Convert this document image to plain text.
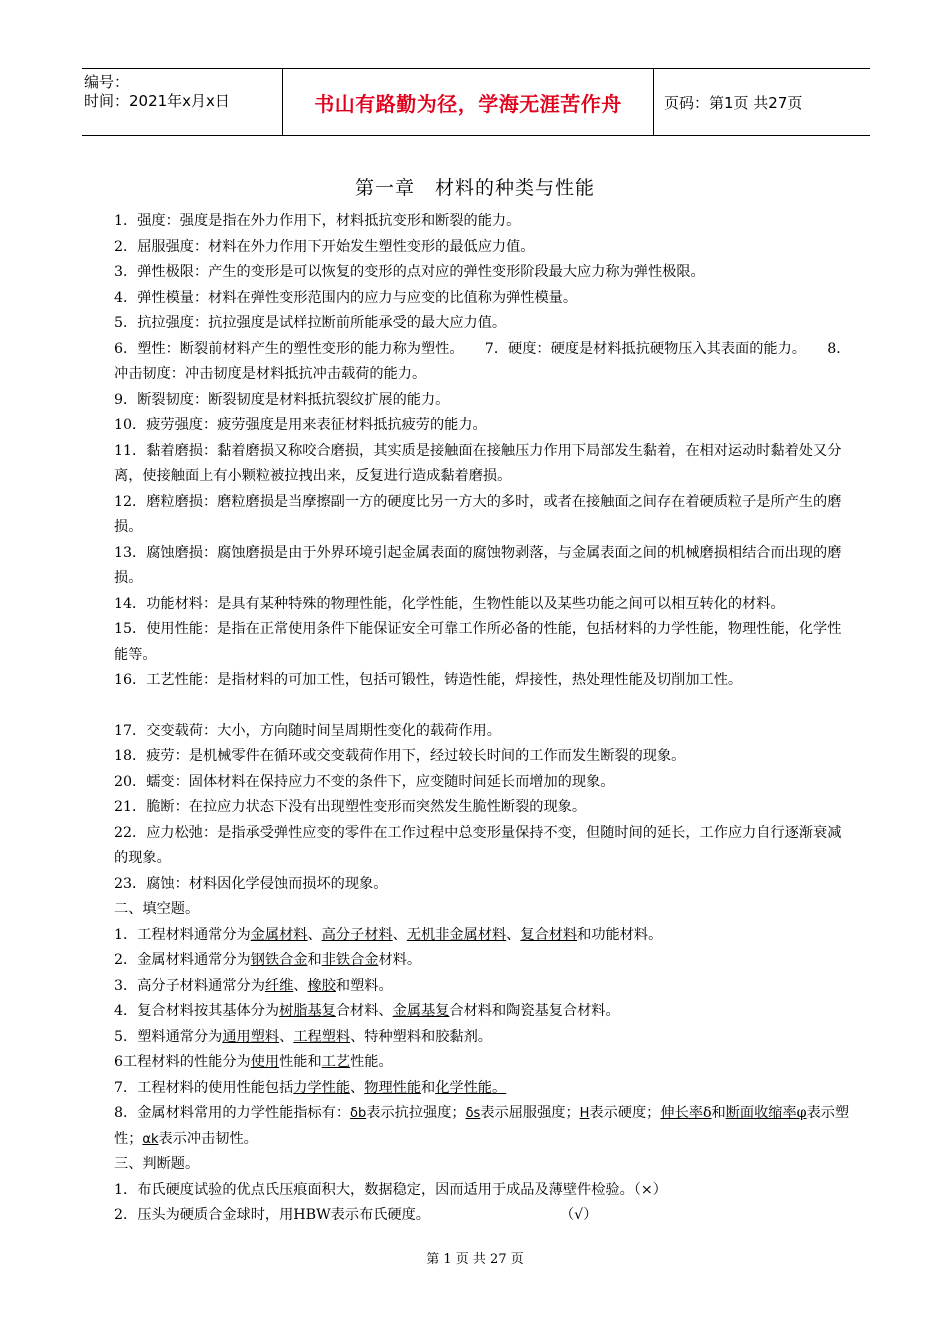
编号：
时间：2021年x月x日	书山有路勤为径，学海无涯苦作舟	页码：第1页 共27页
第一章　材料的种类与性能

1．强度：强度是指在外力作用下，材料抵抗变形和断裂的能力。

2．屈服强度：材料在外力作用下开始发生塑性变形的最低应力值。

3．弹性极限：产生的变形是可以恢复的变形的点对应的弹性变形阶段最大应力称为弹性极限。

4．弹性模量：材料在弹性变形范围内的应力与应变的比值称为弹性模量。

5．抗拉强度：抗拉强度是试样拉断前所能承受的最大应力值。

6．塑性：断裂前材料产生的塑性变形的能力称为塑性。　　7．硬度：硬度是材料抵抗硬物压入其表面的能力。　　8．冲击韧度：冲击韧度是材料抵抗冲击载荷的能力。

9．断裂韧度：断裂韧度是材料抵抗裂纹扩展的能力。

10．疲劳强度：疲劳强度是用来表征材料抵抗疲劳的能力。

11．黏着磨损：黏着磨损又称咬合磨损，其实质是接触面在接触压力作用下局部发生黏着，在相对运动时黏着处又分离，使接触面上有小颗粒被拉拽出来，反复进行造成黏着磨损。

12．磨粒磨损：磨粒磨损是当摩擦副一方的硬度比另一方大的多时，或者在接触面之间存在着硬质粒子是所产生的磨损。

13．腐蚀磨损：腐蚀磨损是由于外界环境引起金属表面的腐蚀物剥落，与金属表面之间的机械磨损相结合而出现的磨损。

14．功能材料：是具有某种特殊的物理性能，化学性能，生物性能以及某些功能之间可以相互转化的材料。

15．使用性能：是指在正常使用条件下能保证安全可靠工作所必备的性能，包括材料的力学性能，物理性能，化学性能等。

16．工艺性能：是指材料的可加工性，包括可锻性，铸造性能，焊接性，热处理性能及切削加工性。

17．交变载荷：大小，方向随时间呈周期性变化的载荷作用。

18．疲劳：是机械零件在循环或交变载荷作用下，经过较长时间的工作而发生断裂的现象。

20．蠕变：固体材料在保持应力不变的条件下，应变随时间延长而增加的现象。

21．脆断：在拉应力状态下没有出现塑性变形而突然发生脆性断裂的现象。

22．应力松弛：是指承受弹性应变的零件在工作过程中总变形量保持不变，但随时间的延长，工作应力自行逐渐衰减的现象。

23．腐蚀：材料因化学侵蚀而损坏的现象。

二、填空题。

1．工程材料通常分为金属材料、高分子材料、无机非金属材料、复合材料和功能材料。

2．金属材料通常分为钢铁合金和非铁合金材料。

3．高分子材料通常分为纤维、橡胶和塑料。

4．复合材料按其基体分为树脂基复合材料、金属基复合材料和陶瓷基复合材料。

5．塑料通常分为通用塑料、工程塑料、特种塑料和胶黏剂。

6工程材料的性能分为使用性能和工艺性能。

7．工程材料的使用性能包括力学性能、物理性能和化学性能。

8．金属材料常用的力学性能指标有：δb表示抗拉强度；δs表示屈服强度；H表示硬度；伸长率δ和断面收缩率φ表示塑性；αk表示冲击韧性。

三、判断题。

1．布氏硬度试验的优点氏压痕面积大，数据稳定，因而适用于成品及薄壁件检验。（×）

2．压头为硬质合金球时，用HBW表示布氏硬度。	（√）

第 1 页 共 27 页
